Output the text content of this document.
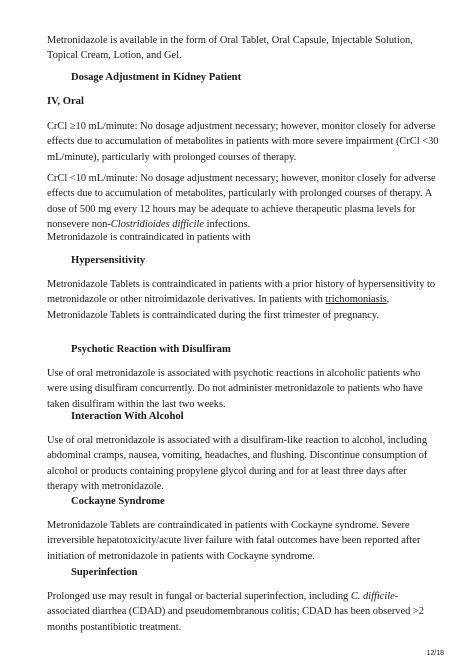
Metronidazole is available in the form of Oral Tablet, Oral Capsule, Injectable Solution, Topical Cream, Lotion, and Gel.

Dosage Adjustment in Kidney Patient
IV, Oral

CrCl ≥10 mL/minute: No dosage adjustment necessary; however, monitor closely for adverse effects due to accumulation of metabolites in patients with more severe impairment (CrCl <30 mL/minute), particularly with prolonged courses of therapy.

CrCl <10 mL/minute: No dosage adjustment necessary; however, monitor closely for adverse effects due to accumulation of metabolites, particularly with prolonged courses of therapy. A dose of 500 mg every 12 hours may be adequate to achieve therapeutic plasma levels for nonsevere non-Clostridioides difficile infections.

Metronidazole is contraindicated in patients with

Hypersensitivity

Metronidazole Tablets is contraindicated in patients with a prior history of hypersensitivity to metronidazole or other nitroimidazole derivatives. In patients with trichomoniasis, Metronidazole Tablets is contraindicated during the first trimester of pregnancy.

Psychotic Reaction with Disulfiram

Use of oral metronidazole is associated with psychotic reactions in alcoholic patients who were using disulfiram concurrently. Do not administer metronidazole to patients who have taken disulfiram within the last two weeks.

Interaction With Alcohol

Use of oral metronidazole is associated with a disulfiram-like reaction to alcohol, including abdominal cramps, nausea, vomiting, headaches, and flushing. Discontinue consumption of alcohol or products containing propylene glycol during and for at least three days after therapy with metronidazole.

Cockayne Syndrome

Metronidazole Tablets are contraindicated in patients with Cockayne syndrome. Severe irreversible hepatotoxicity/acute liver failure with fatal outcomes have been reported after initiation of metronidazole in patients with Cockayne syndrome.

Superinfection

Prolonged use may result in fungal or bacterial superinfection, including C. difficile-associated diarrhea (CDAD) and pseudomembranous colitis; CDAD has been observed >2 months postantibiotic treatment.

12/18
